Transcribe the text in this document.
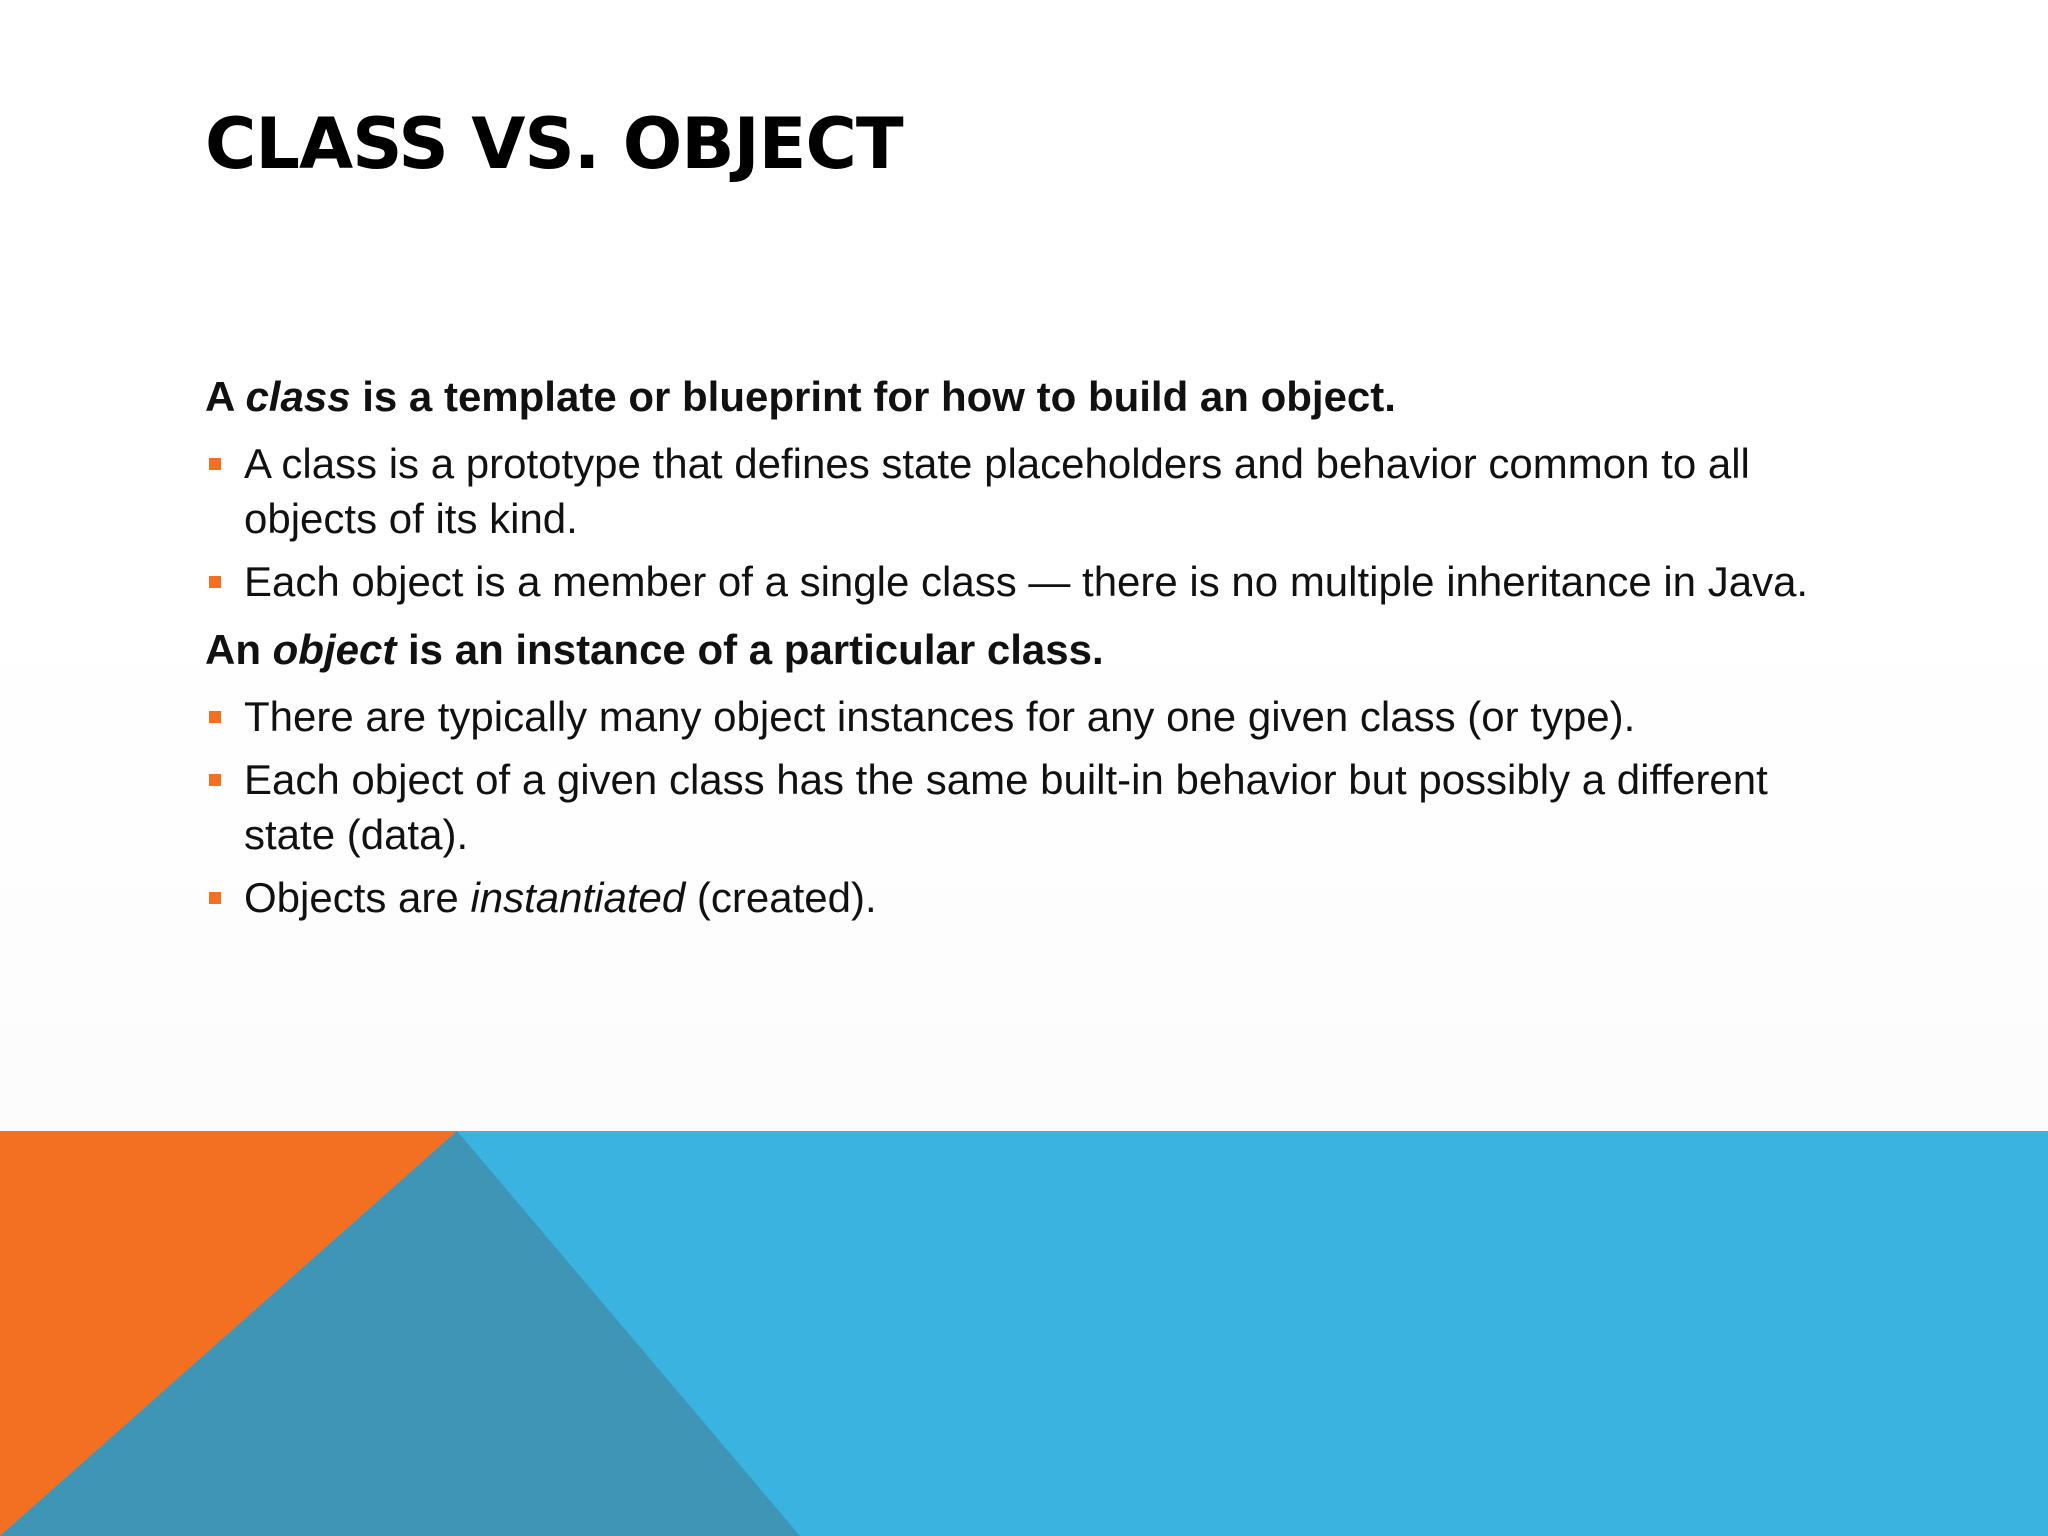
CLASS VS. OBJECT

A class is a template or blueprint for how to build an object.

A class is a prototype that defines state placeholders and behavior common to all objects of its kind.
Each object is a member of a single class — there is no multiple inheritance in Java.

An object is an instance of a particular class.

There are typically many object instances for any one given class (or type).
Each object of a given class has the same built-in behavior but possibly a different state (data).
Objects are instantiated (created).
